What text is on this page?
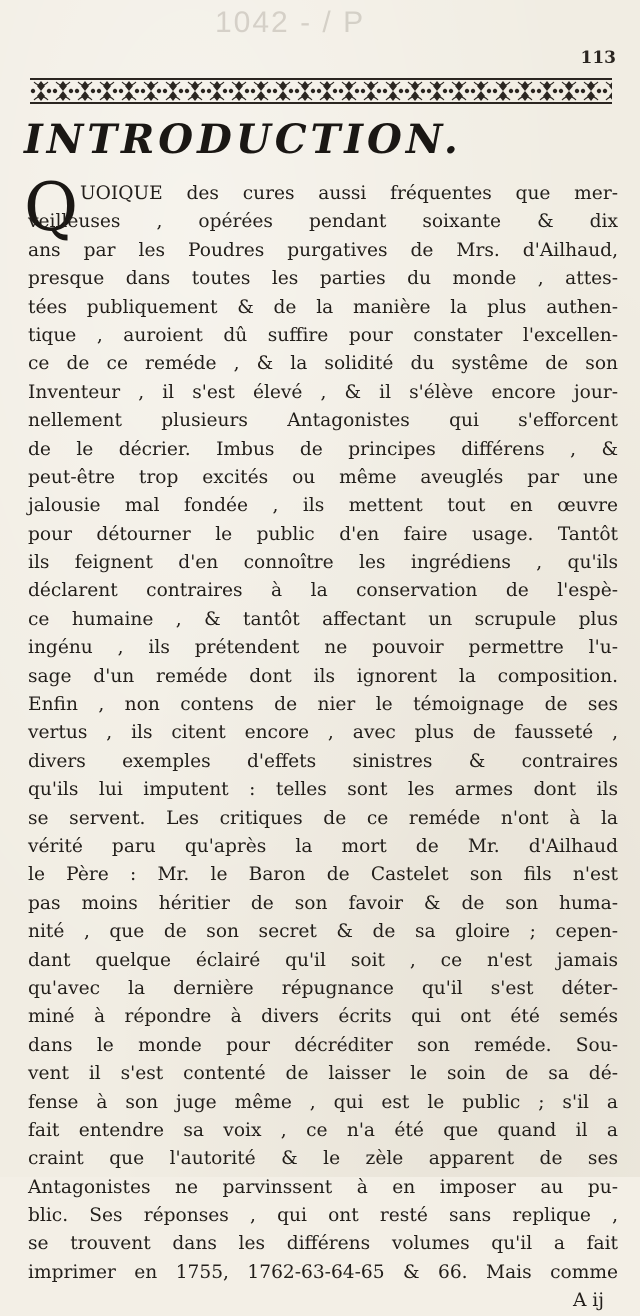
1042 - / P
113
INTRODUCTION.
Q UOIQUE des cures aussi fréquentes que mer-
veilleuses , opérées pendant soixante & dix
ans par les Poudres purgatives de Mrs. d'Ailhaud,
presque dans toutes les parties du monde , attes-
tées publiquement & de la manière la plus authen-
tique , auroient dû suffire pour constater l'excellen-
ce de ce reméde , & la solidité du systême de son
Inventeur , il s'est élevé , & il s'élève encore jour-
nellement plusieurs Antagonistes qui s'efforcent
de le décrier. Imbus de principes différens , &
peut-être trop excités ou même aveuglés par une
jalousie mal fondée , ils mettent tout en œuvre
pour détourner le public d'en faire usage. Tantôt
ils feignent d'en connoître les ingrédiens , qu'ils
déclarent contraires à la conservation de l'espè-
ce humaine , & tantôt affectant un scrupule plus
ingénu , ils prétendent ne pouvoir permettre l'u-
sage d'un reméde dont ils ignorent la composition.
Enfin , non contens de nier le témoignage de ses
vertus , ils citent encore , avec plus de fausseté ,
divers exemples d'effets sinistres & contraires
qu'ils lui imputent : telles sont les armes dont ils
se servent. Les critiques de ce reméde n'ont à la
vérité paru qu'après la mort de Mr. d'Ailhaud
le Père : Mr. le Baron de Castelet son fils n'est
pas moins héritier de son favoir & de son huma-
nité , que de son secret & de sa gloire ; cepen-
dant quelque éclairé qu'il soit , ce n'est jamais
qu'avec la dernière répugnance qu'il s'est déter-
miné à répondre à divers écrits qui ont été semés
dans le monde pour décréditer son reméde. Sou-
vent il s'est contenté de laisser le soin de sa dé-
fense à son juge même , qui est le public ; s'il a
fait entendre sa voix , ce n'a été que quand il a
craint que l'autorité & le zèle apparent de ses
Antagonistes ne parvinssent à en imposer au pu-
blic. Ses réponses , qui ont resté sans replique ,
se trouvent dans les différens volumes qu'il a fait
imprimer en 1755, 1762-63-64-65 & 66. Mais comme
A ij
